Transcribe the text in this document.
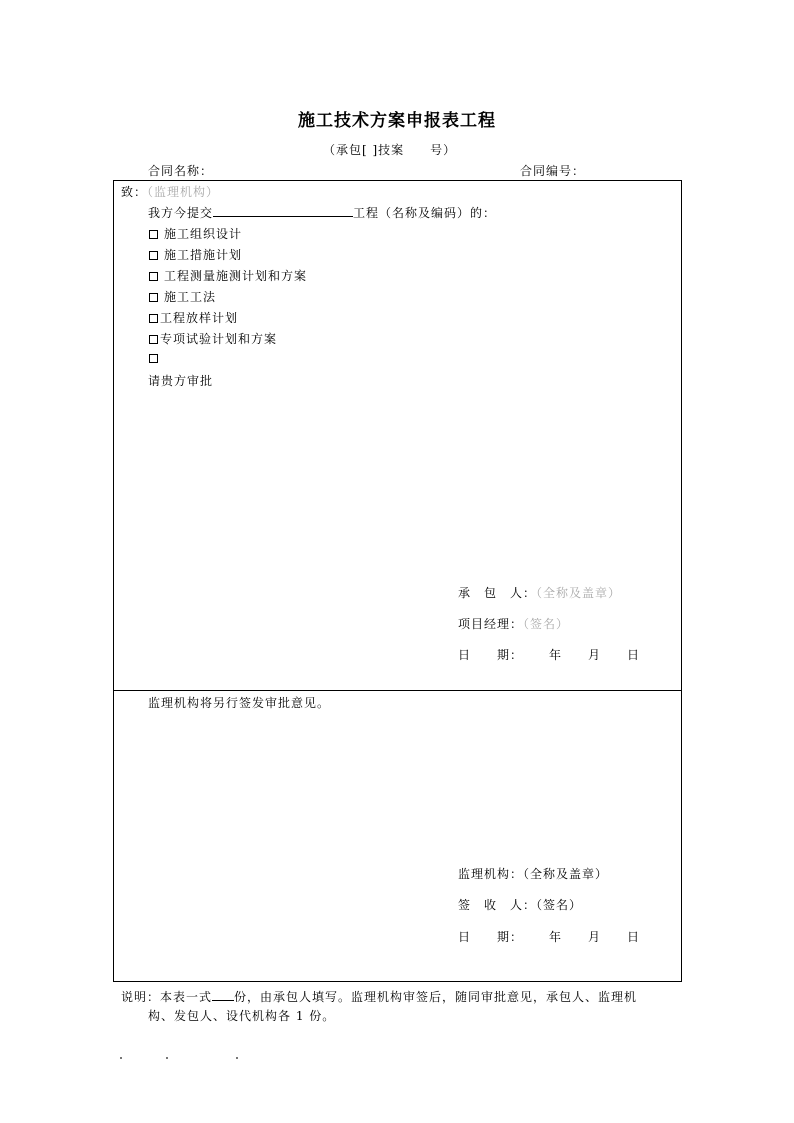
施工技术方案申报表工程
（承包[ ]技案　　号）
合同名称：	合同编号：
致：（监理机构）
我方今提交	工程（名称及编码）的：
施工组织设计
施工措施计划
工程测量施测计划和方案
施工工法
工程放样计划
专项试验计划和方案
请贵方审批
承　包　人：（全称及盖章）
项目经理：（签名）
日　　期： 年　　月　　日
监理机构将另行签发审批意见。
监理机构：（全称及盖章）
签　收　人：（签名）
日　　期： 年　　月　　日
说明：本表一式 份，由承包人填写。监理机构审签后，随同审批意见，承包人、监理机
构、发包人、设代机构各 1 份。
